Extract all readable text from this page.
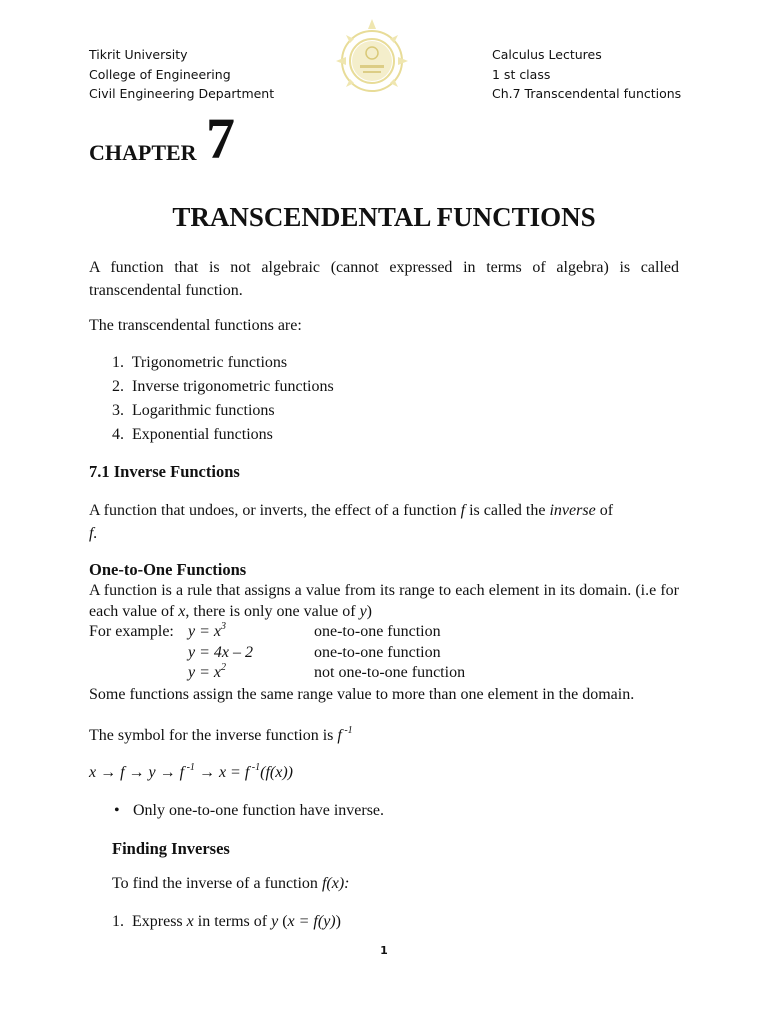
Tikrit University
College of Engineering
Civil Engineering Department
Calculus Lectures
1 st class
Ch.7 Transcendental functions
CHAPTER 7
TRANSCENDENTAL FUNCTIONS
A function that is not algebraic (cannot expressed in terms of algebra) is called transcendental function.
The transcendental functions are:
1. Trigonometric functions
2. Inverse trigonometric functions
3. Logarithmic functions
4. Exponential functions
7.1 Inverse Functions
A function that undoes, or inverts, the effect of a function f is called the inverse of
f.
One-to-One Functions
A function is a rule that assigns a value from its range to each element in its domain. (i.e for each value of x, there is only one value of y)
For example: $y = x^3$	one-to-one function
y = 4x – 2	one-to-one function
$y = x^2$	not one-to-one function
Some functions assign the same range value to more than one element in the domain.
The symbol for the inverse function is f $^{-1}$
x → f → y → f $^{-1}$ → x = f $^{-1}$(f(x))
• Only one-to-one function have inverse.
Finding Inverses
To find the inverse of a function f(x):
1. Express x in terms of y (x = f(y))
1
